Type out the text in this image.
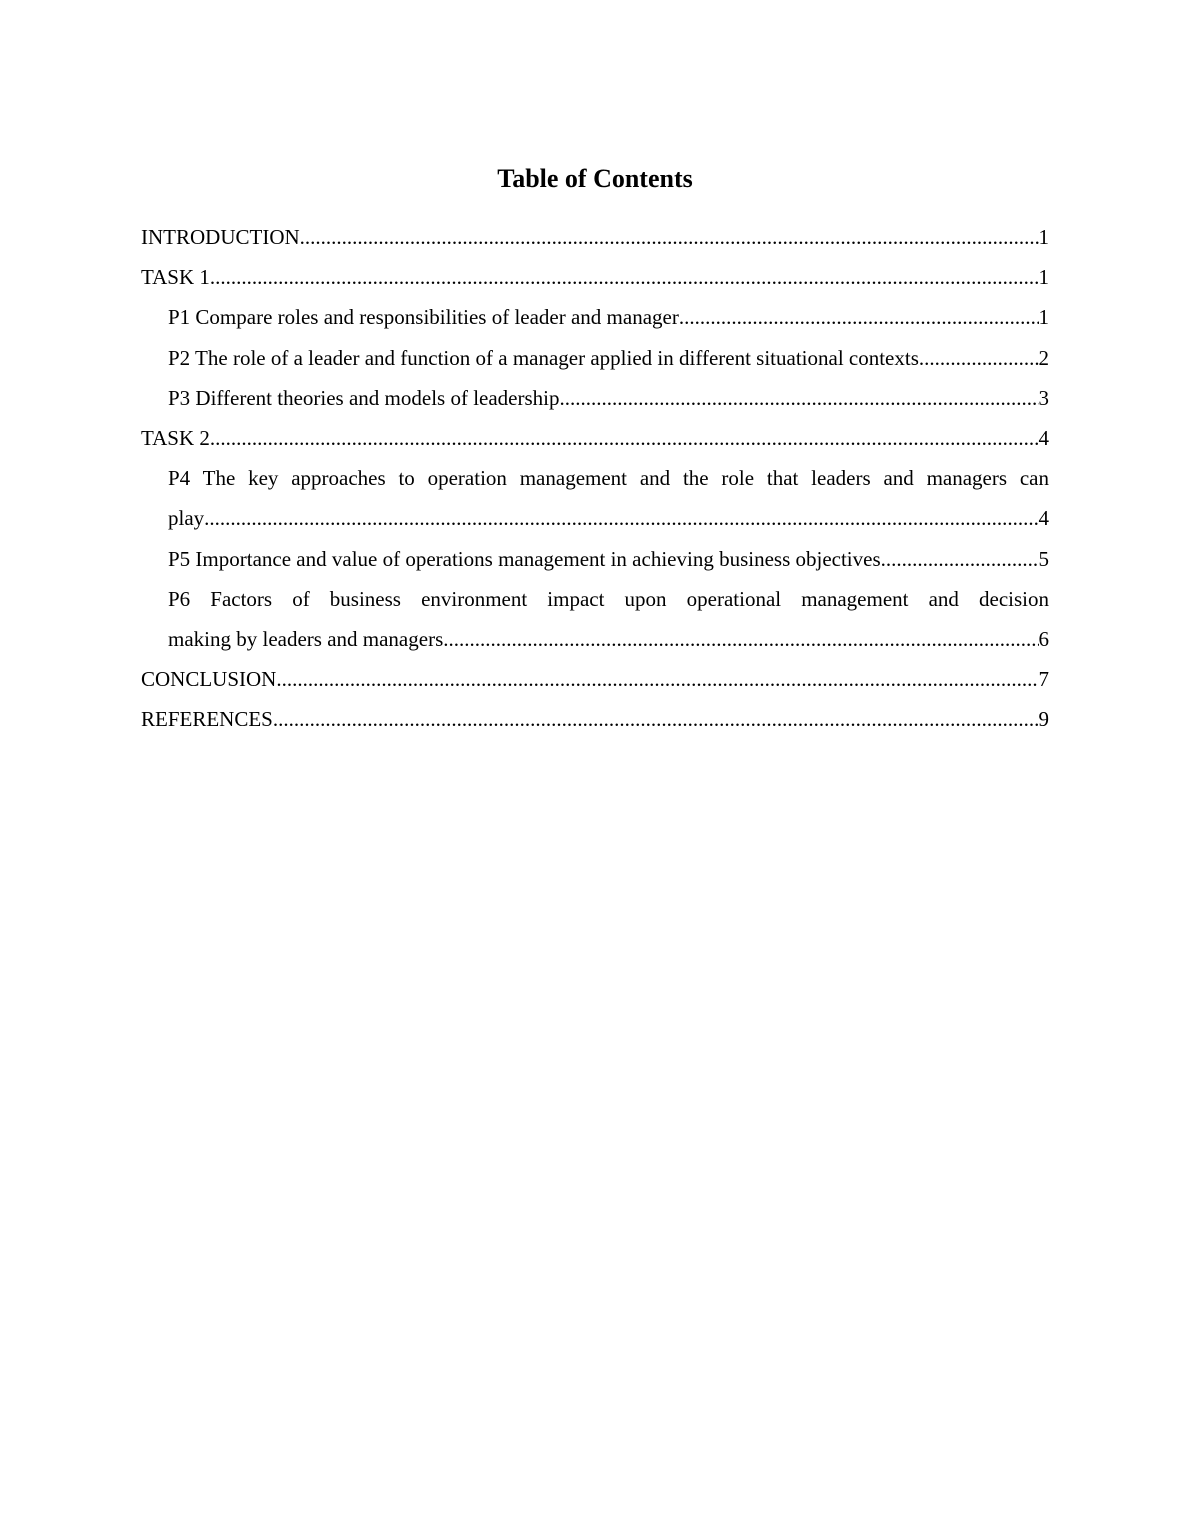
Table of Contents
INTRODUCTION .....	1
TASK 1 .....	1
P1 Compare roles and responsibilities of leader and manager .....	1
P2 The role of a leader and function of a manager applied in different situational contexts .....	2
P3 Different theories and models of leadership .....	3
TASK 2 .....	4
P4 The key approaches to operation management and the role that leaders and managers can
play .....	4
P5 Importance and value of operations management in achieving business objectives .....	5
P6 Factors of business environment impact upon operational management and decision
making by leaders and managers .....	6
CONCLUSION .....	7
REFERENCES .....	9
